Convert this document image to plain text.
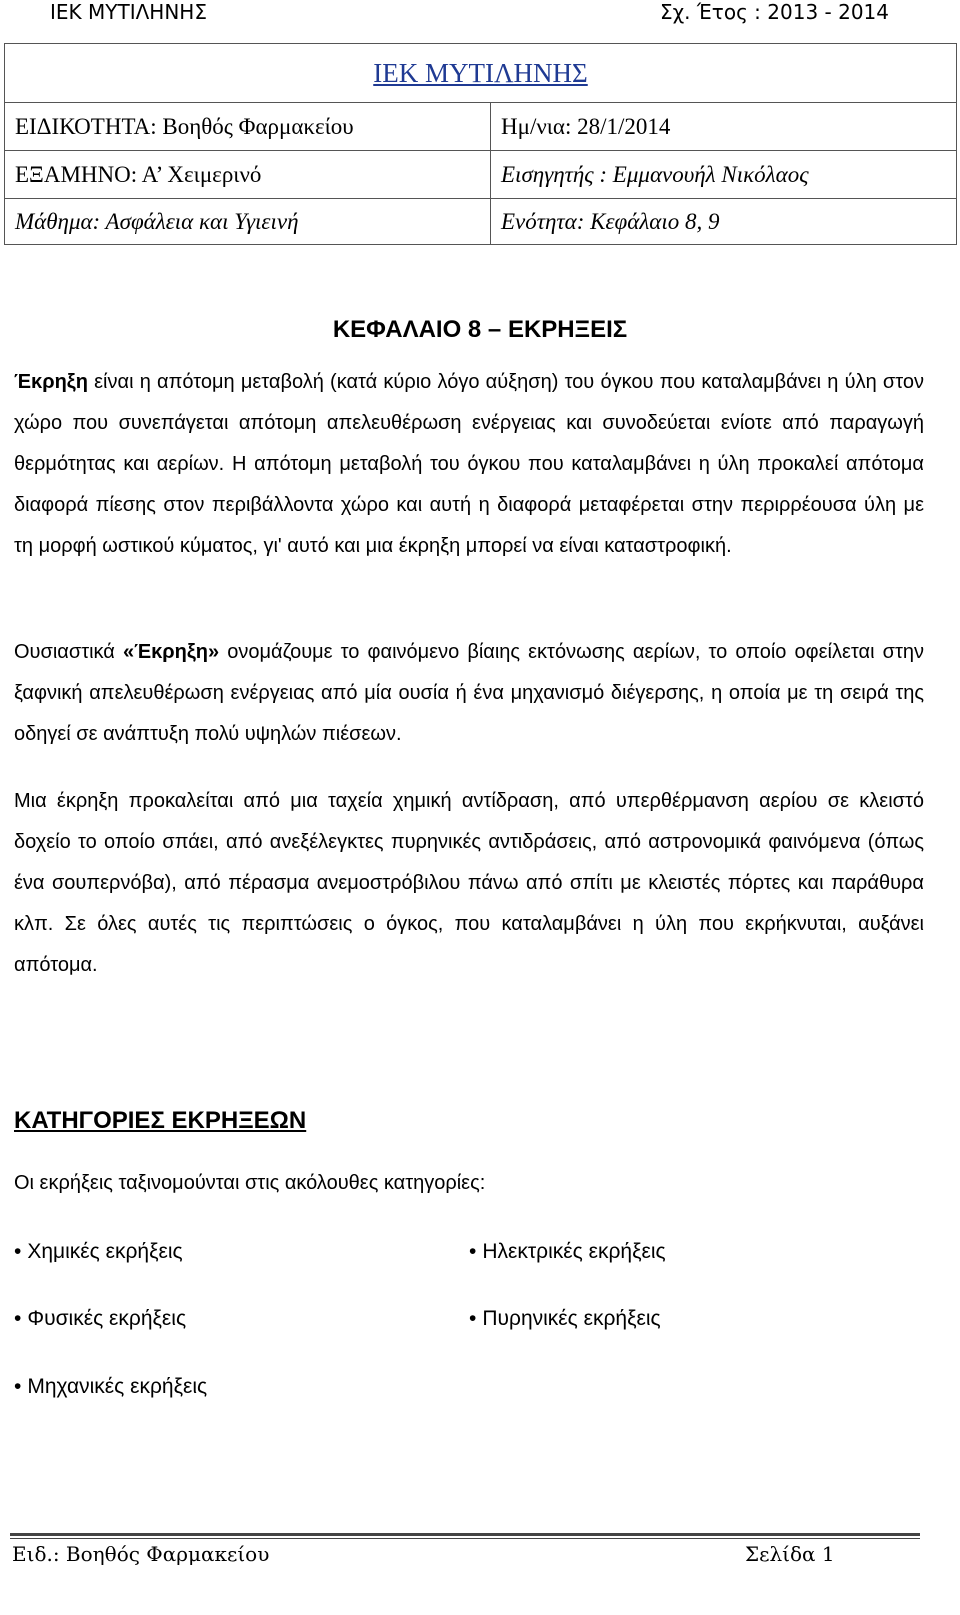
ΙΕΚ ΜΥΤΙΛΗΝΗΣ	Σχ. Έτος : 2013 - 2014
ΙΕΚ ΜΥΤΙΛΗΝΗΣ	
ΕΙΔΙΚΟΤΗΤΑ: Βοηθός Φαρμακείου	Ημ/νια: 28/1/2014
ΕΞΑΜΗΝΟ: Α’ Χειμερινό	Εισηγητής : Εμμανουήλ Νικόλαος
Μάθημα: Ασφάλεια και Υγιεινή	Ενότητα: Κεφάλαιο 8, 9
ΚΕΦΑΛΑΙΟ 8 – ΕΚΡΗΞΕΙΣ

Έκρηξη είναι η απότομη μεταβολή (κατά κύριο λόγο αύξηση) του όγκου που καταλαμβάνει η ύλη στον χώρο που συνεπάγεται απότομη απελευθέρωση ενέργειας και συνοδεύεται ενίοτε από παραγωγή θερμότητας και αερίων. Η απότομη μεταβολή του όγκου που καταλαμβάνει η ύλη προκαλεί απότομα διαφορά πίεσης στον περιβάλλοντα χώρο και αυτή η διαφορά μεταφέρεται στην περιρρέουσα ύλη με τη μορφή ωστικού κύματος, γι' αυτό και μια έκρηξη μπορεί να είναι καταστροφική.

Ουσιαστικά «Έκρηξη» ονομάζουμε το φαινόμενο βίαιης εκτόνωσης αερίων, το οποίο οφείλεται στην ξαφνική απελευθέρωση ενέργειας από μία ουσία ή ένα μηχανισμό διέγερσης, η οποία με τη σειρά της οδηγεί σε ανάπτυξη πολύ υψηλών πιέσεων.

Μια έκρηξη προκαλείται από μια ταχεία χημική αντίδραση, από υπερθέρμανση αερίου σε κλειστό δοχείο το οποίο σπάει, από ανεξέλεγκτες πυρηνικές αντιδράσεις, από αστρονομικά φαινόμενα (όπως ένα σουπερνόβα), από πέρασμα ανεμοστρόβιλου πάνω από σπίτι με κλειστές πόρτες και παράθυρα κλπ. Σε όλες αυτές τις περιπτώσεις ο όγκος, που καταλαμβάνει η ύλη που εκρήκνυται, αυξάνει απότομα.

ΚΑΤΗΓΟΡΙΕΣ ΕΚΡΗΞΕΩΝ
Οι εκρήξεις ταξινομούνται στις ακόλουθες κατηγορίες:
• Χημικές εκρήξεις	• Ηλεκτρικές εκρήξεις
• Φυσικές εκρήξεις	• Πυρηνικές εκρήξεις
• Μηχανικές εκρήξεις
Ειδ.: Βοηθός Φαρμακείου	Σελίδα 1
